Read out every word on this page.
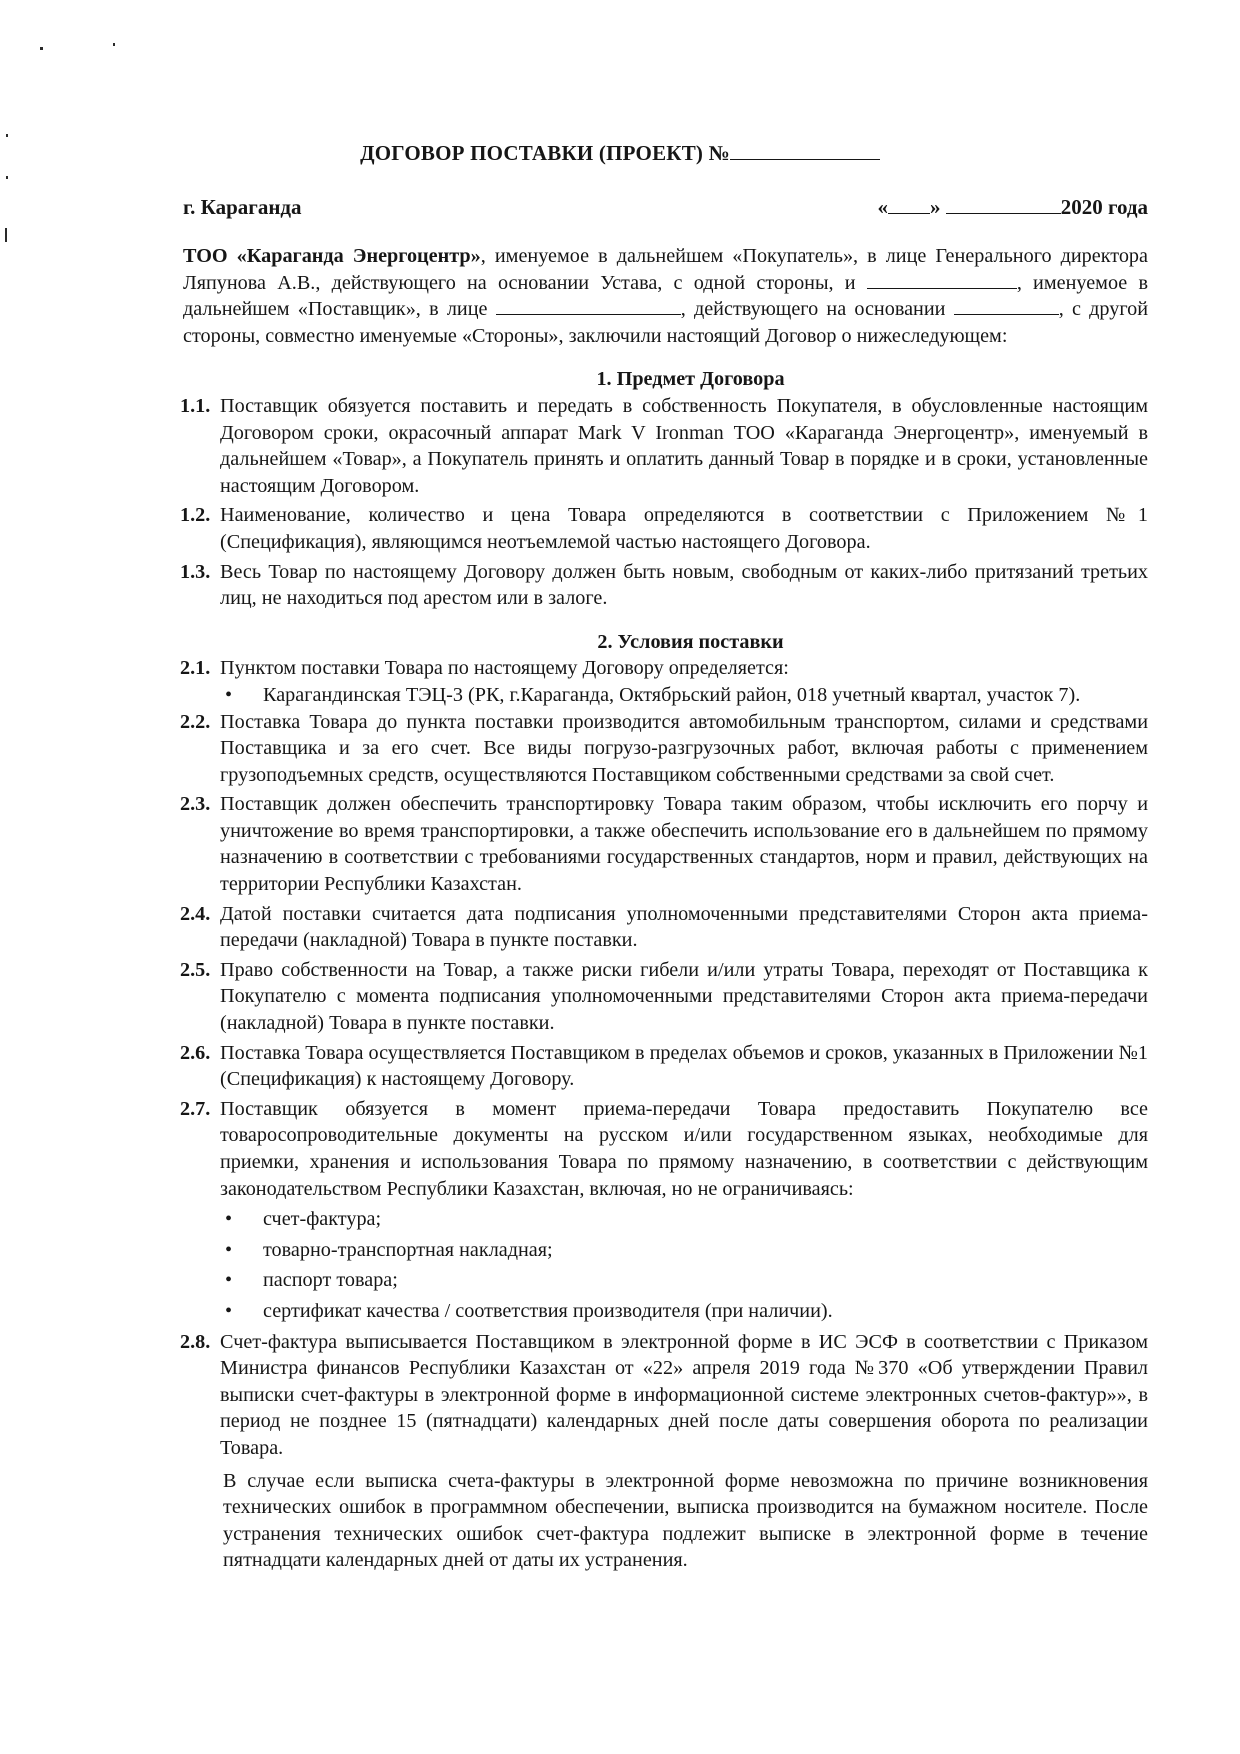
ДОГОВОР ПОСТАВКИ (ПРОЕКТ) №
г. Караганда	« »	2020 года

ТОО «Караганда Энергоцентр», именуемое в дальнейшем «Покупатель», в лице Генерального директора Ляпунова А.В., действующего на основании Устава, с одной стороны, и	, именуемое в дальнейшем «Поставщик», в лице	, действующего на основании	, с другой стороны, совместно именуемые «Стороны», заключили настоящий Договор о нижеследующем:

1. Предмет Договора
1.1. Поставщик обязуется поставить и передать в собственность Покупателя, в обусловленные настоящим Договором сроки, окрасочный аппарат Mark V Ironman ТОО «Караганда Энергоцентр», именуемый в дальнейшем «Товар», а Покупатель принять и оплатить данный Товар в порядке и в сроки, установленные настоящим Договором.
1.2. Наименование, количество и цена Товара определяются в соответствии с Приложением №1 (Спецификация), являющимся неотъемлемой частью настоящего Договора.
1.3. Весь Товар по настоящему Договору должен быть новым, свободным от каких-либо притязаний третьих лиц, не находиться под арестом или в залоге.
2. Условия поставки
2.1. Пунктом поставки Товара по настоящему Договору определяется:
•	Карагандинская ТЭЦ-3 (РК, г.Караганда, Октябрьский район, 018 учетный квартал, участок 7).
2.2. Поставка Товара до пункта поставки производится автомобильным транспортом, силами и средствами Поставщика и за его счет. Все виды погрузо-разгрузочных работ, включая работы с применением грузоподъемных средств, осуществляются Поставщиком собственными средствами за свой счет.
2.3. Поставщик должен обеспечить транспортировку Товара таким образом, чтобы исключить его порчу и уничтожение во время транспортировки, а также обеспечить использование его в дальнейшем по прямому назначению в соответствии с требованиями государственных стандартов, норм и правил, действующих на территории Республики Казахстан.
2.4. Датой поставки считается дата подписания уполномоченными представителями Сторон акта приема-передачи (накладной) Товара в пункте поставки.
2.5. Право собственности на Товар, а также риски гибели и/или утраты Товара, переходят от Поставщика к Покупателю с момента подписания уполномоченными представителями Сторон акта приема-передачи (накладной) Товара в пункте поставки.
2.6. Поставка Товара осуществляется Поставщиком в пределах объемов и сроков, указанных в Приложении №1 (Спецификация) к настоящему Договору.
2.7. Поставщик обязуется в момент приема-передачи Товара предоставить Покупателю все товаросопроводительные документы на русском и/или государственном языках, необходимые для приемки, хранения и использования Товара по прямому назначению, в соответствии с действующим законодательством Республики Казахстан, включая, но не ограничиваясь:
•	счет-фактура;
•	товарно-транспортная накладная;
•	паспорт товара;
•	сертификат качества / соответствия производителя (при наличии).
2.8. Счет-фактура выписывается Поставщиком в электронной форме в ИС ЭСФ в соответствии с Приказом Министра финансов Республики Казахстан от «22» апреля 2019 года №370 «Об утверждении Правил выписки счет-фактуры в электронной форме в информационной системе электронных счетов-фактур»», в период не позднее 15 (пятнадцати) календарных дней после даты совершения оборота по реализации Товара.

В случае если выписка счета-фактуры в электронной форме невозможна по причине возникновения технических ошибок в программном обеспечении, выписка производится на бумажном носителе. После устранения технических ошибок счет-фактура подлежит выписке в электронной форме в течение пятнадцати календарных дней от даты их устранения.
